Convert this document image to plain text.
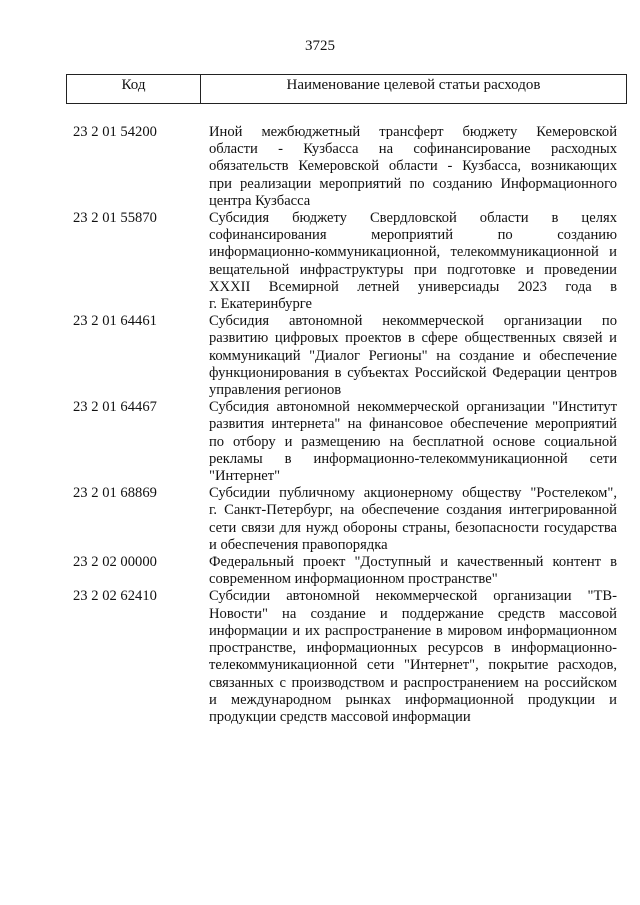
3725
Код	Наименование целевой статьи расходов
23 2 01 54200	Иной межбюджетный трансферт бюджету Кемеровской
области - Кузбасса на софинансирование расходных
обязательств Кемеровской области - Кузбасса, возникающих
при реализации мероприятий по созданию Информационного
центра Кузбасса
23 2 01 55870	Субсидия бюджету Свердловской области в целях
софинансирования мероприятий по созданию
информационно-коммуникационной, телекоммуникационной и
вещательной инфраструктуры при подготовке и проведении
XXXII Всемирной летней универсиады 2023 года в
г. Екатеринбурге
23 2 01 64461	Субсидия автономной некоммерческой организации по
развитию цифровых проектов в сфере общественных связей и
коммуникаций "Диалог Регионы" на создание и обеспечение
функционирования в субъектах Российской Федерации центров
управления регионов
23 2 01 64467	Субсидия автономной некоммерческой организации "Институт
развития интернета" на финансовое обеспечение мероприятий
по отбору и размещению на бесплатной основе социальной
рекламы в информационно-телекоммуникационной сети
"Интернет"
23 2 01 68869	Субсидии публичному акционерному обществу "Ростелеком",
г. Санкт-Петербург, на обеспечение создания интегрированной
сети связи для нужд обороны страны, безопасности государства
и обеспечения правопорядка
23 2 02 00000	Федеральный проект "Доступный и качественный контент в
современном информационном пространстве"
23 2 02 62410	Субсидии автономной некоммерческой организации "ТВ-
Новости" на создание и поддержание средств массовой
информации и их распространение в мировом информационном
пространстве, информационных ресурсов в информационно-
телекоммуникационной сети "Интернет", покрытие расходов,
связанных с производством и распространением на российском
и международном рынках информационной продукции и
продукции средств массовой информации
